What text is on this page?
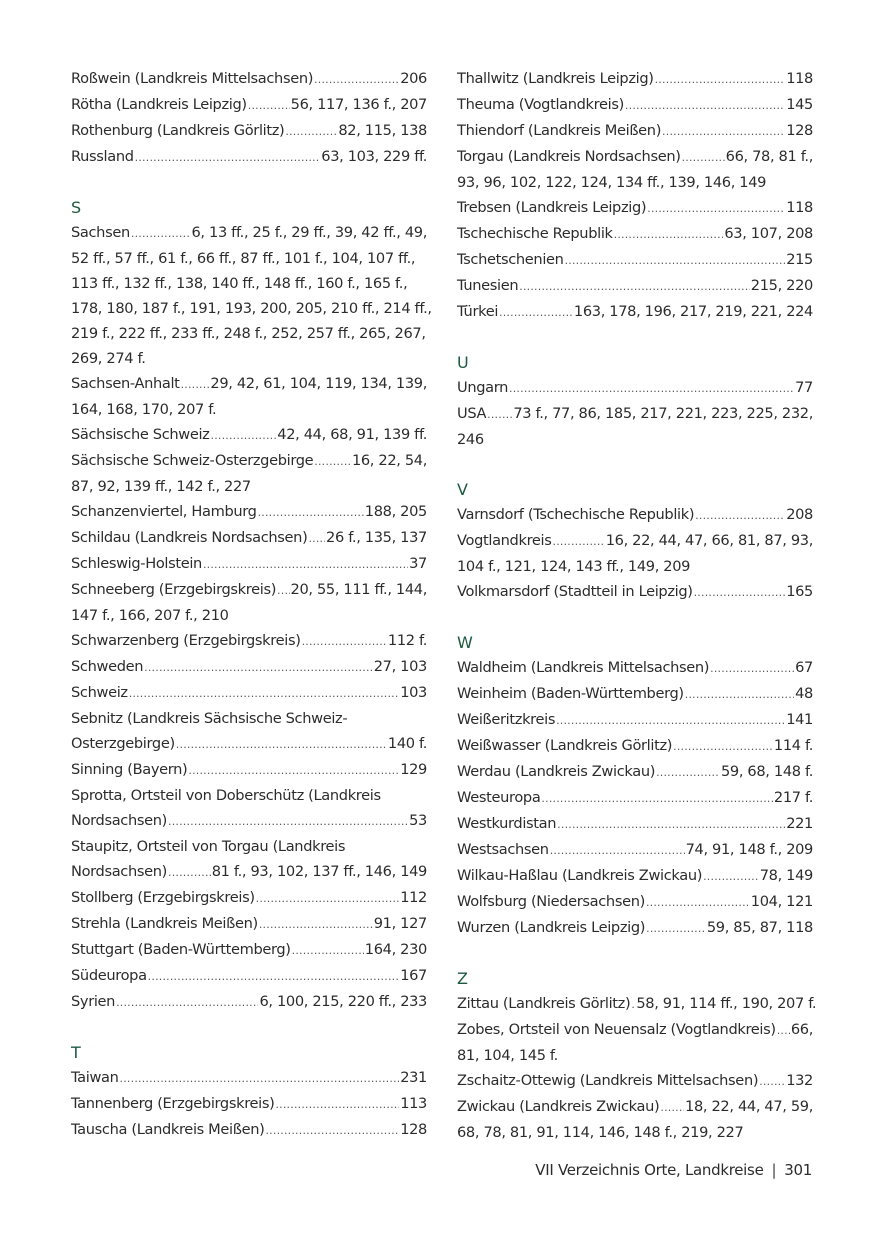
Roßwein (Landkreis Mittelsachsen) .....	206
Rötha (Landkreis Leipzig) .....	56, 117, 136 f., 207
Rothenburg (Landkreis Görlitz) .....	82, 115, 138
Russland .....	63, 103, 229 ff.
S
Sachsen .....	6, 13 ff., 25 f., 29 ff., 39, 42 ff., 49,
52 ff., 57 ff., 61 f., 66 ff., 87 ff., 101 f., 104, 107 ff.,
113 ff., 132 ff., 138, 140 ff., 148 ff., 160 f., 165 f.,
178, 180, 187 f., 191, 193, 200, 205, 210 ff., 214 ff.,
219 f., 222 ff., 233 ff., 248 f., 252, 257 ff., 265, 267,
269, 274 f.
Sachsen-Anhalt ..... 29, 42, 61, 104, 119, 134, 139,
164, 168, 170, 207 f.
Sächsische Schweiz .....	42, 44, 68, 91, 139 ff.
Sächsische Schweiz-Osterzgebirge .....	16, 22, 54,
87, 92, 139 ff., 142 f., 227
Schanzenviertel, Hamburg .....	188, 205
Schildau (Landkreis Nordsachsen) ..... 26 f., 135, 137
Schleswig-Holstein .....	37
Schneeberg (Erzgebirgskreis) ..... 20, 55, 111 ff., 144,
147 f., 166, 207 f., 210
Schwarzenberg (Erzgebirgskreis) .....	112 f.
Schweden .....	27, 103
Schweiz .....	103
Sebnitz (Landkreis Sächsische Schweiz-
Osterzgebirge) .....	140 f.
Sinning (Bayern) .....	129
Sprotta, Ortsteil von Doberschütz (Landkreis
Nordsachsen) .....	53
Staupitz, Ortsteil von Torgau (Landkreis
Nordsachsen) .....	81 f., 93, 102, 137 ff., 146, 149
Stollberg (Erzgebirgskreis) .....	112
Strehla (Landkreis Meißen) .....	91, 127
Stuttgart (Baden-Württemberg) .....	164, 230
Südeuropa .....	167
Syrien .....	6, 100, 215, 220 ff., 233
T
Taiwan .....	231
Tannenberg (Erzgebirgskreis) .....	113
Tauscha (Landkreis Meißen) .....	128
Thallwitz (Landkreis Leipzig) .....	118
Theuma (Vogtlandkreis) .....	145
Thiendorf (Landkreis Meißen) .....	128
Torgau (Landkreis Nordsachsen) .....	66, 78, 81 f.,
93, 96, 102, 122, 124, 134 ff., 139, 146, 149
Trebsen (Landkreis Leipzig) .....	118
Tschechische Republik .....	63, 107, 208
Tschetschenien .....	215
Tunesien .....	215, 220
Türkei .....	163, 178, 196, 217, 219, 221, 224
U
Ungarn .....	77
USA ..... 73 f., 77, 86, 185, 217, 221, 223, 225, 232,
246
V
Varnsdorf (Tschechische Republik) .....	208
Vogtlandkreis .....	16, 22, 44, 47, 66, 81, 87, 93,
104 f., 121, 124, 143 ff., 149, 209
Volkmarsdorf (Stadtteil in Leipzig) .....	165
W
Waldheim (Landkreis Mittelsachsen) .....	67
Weinheim (Baden-Württemberg) .....	48
Weißeritzkreis .....	141
Weißwasser (Landkreis Görlitz) .....	114 f.
Werdau (Landkreis Zwickau) .....	59, 68, 148 f.
Westeuropa .....	217 f.
Westkurdistan .....	221
Westsachsen .....	74, 91, 148 f., 209
Wilkau-Haßlau (Landkreis Zwickau) .....	78, 149
Wolfsburg (Niedersachsen) .....	104, 121
Wurzen (Landkreis Leipzig) .....	59, 85, 87, 118
Z
Zittau (Landkreis Görlitz) ..... 58, 91, 114 ff., 190, 207 f.
Zobes, Ortsteil von Neuensalz (Vogtlandkreis) ..... 66,
81, 104, 145 f.
Zschaitz-Ottewig (Landkreis Mittelsachsen) ..... 132
Zwickau (Landkreis Zwickau) ..... 18, 22, 44, 47, 59,
68, 78, 81, 91, 114, 146, 148 f., 219, 227
VII Verzeichnis Orte, Landkreise | 301
